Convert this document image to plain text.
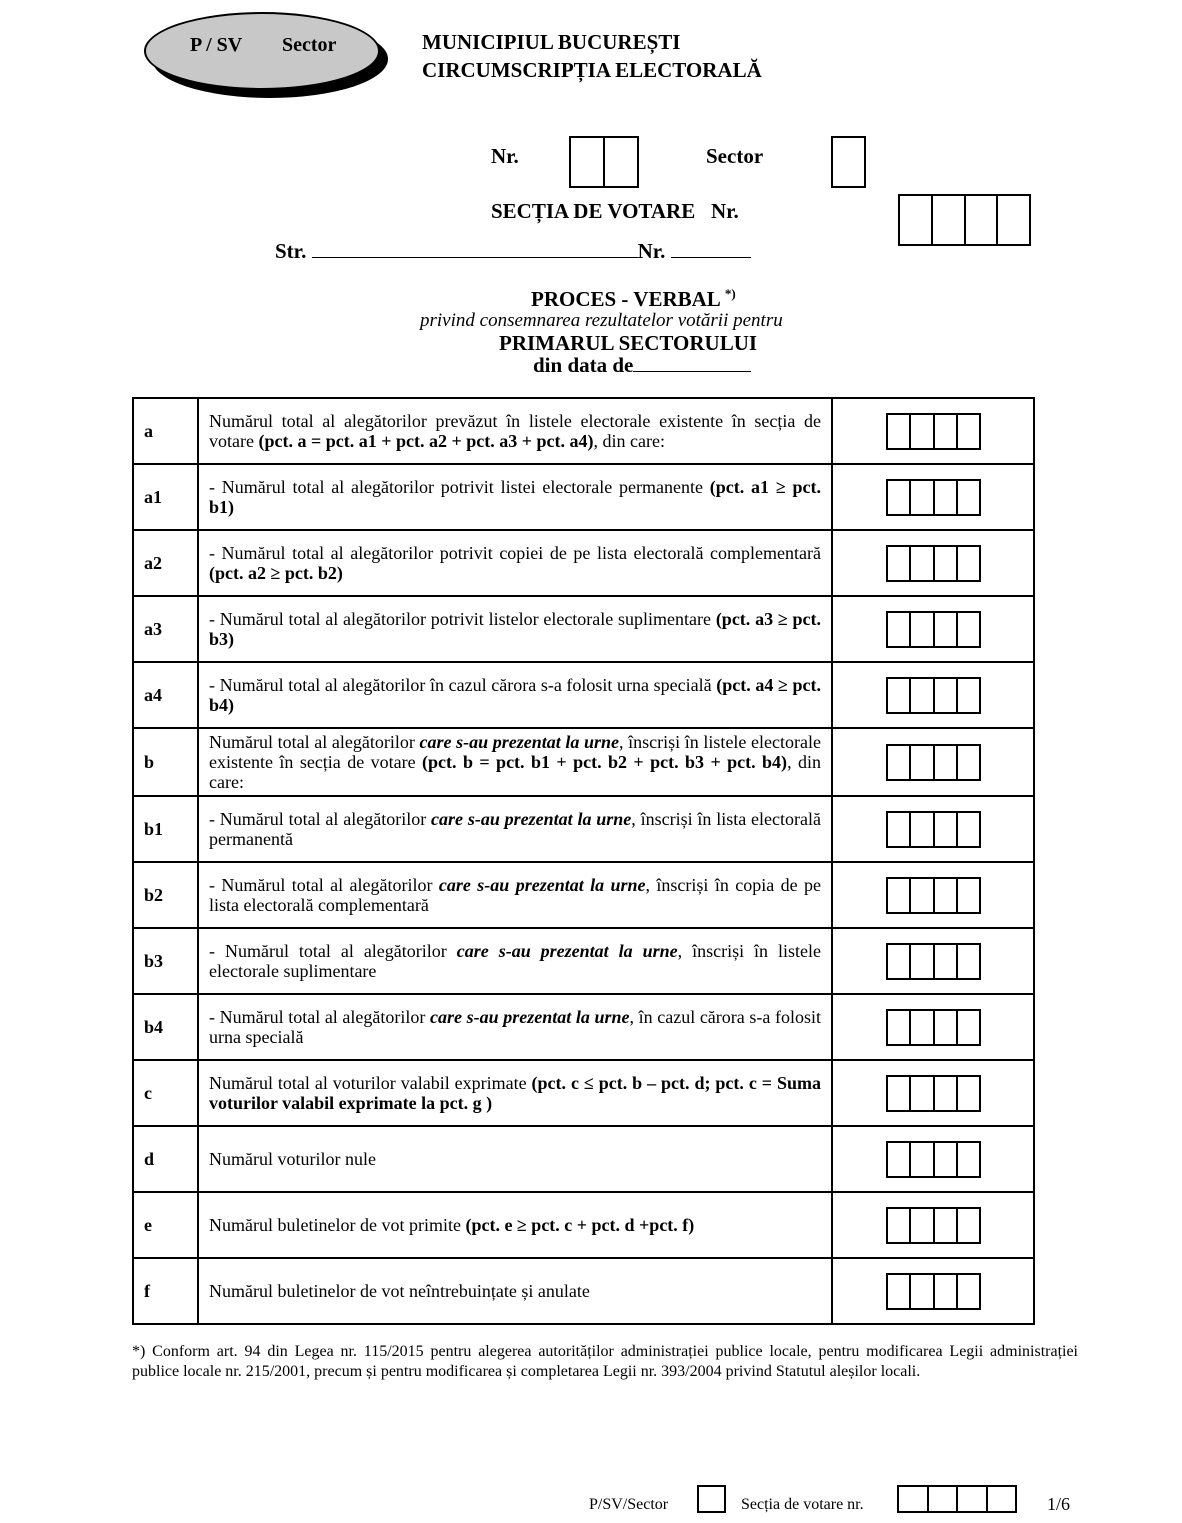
P / SV Sector	MUNICIPIUL BUCUREȘTI
CIRCUMSCRIPȚIA ELECTORALĂ
Nr.	Sector
SECȚIA DE VOTARE   Nr.
Str.	Nr.
PROCES - VERBAL *)
privind consemnarea rezultatelor votării pentru
PRIMARUL SECTORULUI
din data de
a	Numărul total al alegătorilor prevăzut în listele electorale existente în secția de votare (pct. a = pct. a1 + pct. a2 + pct. a3 + pct. a4), din care:	

a1	- Numărul total al alegătorilor potrivit listei electorale permanente (pct. a1 ≥ pct. b1)	

a2	- Numărul total al alegătorilor potrivit copiei de pe lista electorală complementară (pct. a2 ≥ pct. b2)	

a3	- Numărul total al alegătorilor potrivit listelor electorale suplimentare (pct. a3 ≥ pct. b3)	

a4	- Numărul total al alegătorilor în cazul cărora s-a folosit urna specială (pct. a4 ≥ pct. b4)	

b	Numărul total al alegătorilor care s-au prezentat la urne, înscriși în listele electorale existente în secția de votare (pct. b = pct. b1 + pct. b2 + pct. b3 + pct. b4), din care:	

b1	- Numărul total al alegătorilor care s-au prezentat la urne, înscriși în lista electorală permanentă	

b2	- Numărul total al alegătorilor care s-au prezentat la urne, înscriși în copia de pe lista electorală complementară	

b3	- Numărul total al alegătorilor care s-au prezentat la urne, înscriși în listele electorale suplimentare	

b4	- Numărul total al alegătorilor care s-au prezentat la urne, în cazul cărora s-a folosit urna specială	

c	Numărul total al voturilor valabil exprimate (pct. c ≤ pct. b – pct. d; pct. c = Suma voturilor valabil exprimate la pct. g )	

d	Numărul voturilor nule	

e	Numărul buletinelor de vot primite (pct. e ≥ pct. c + pct. d +pct. f)	

f	Numărul buletinelor de vot neîntrebuințate și anulate	
*) Conform art. 94 din Legea nr. 115/2015 pentru alegerea autorităților administrației publice locale, pentru modificarea Legii administrației publice locale nr. 215/2001, precum și pentru modificarea și completarea Legii nr. 393/2004 privind Statutul aleșilor locali.
P/SV/Sector	Secția de votare nr.	1/6
